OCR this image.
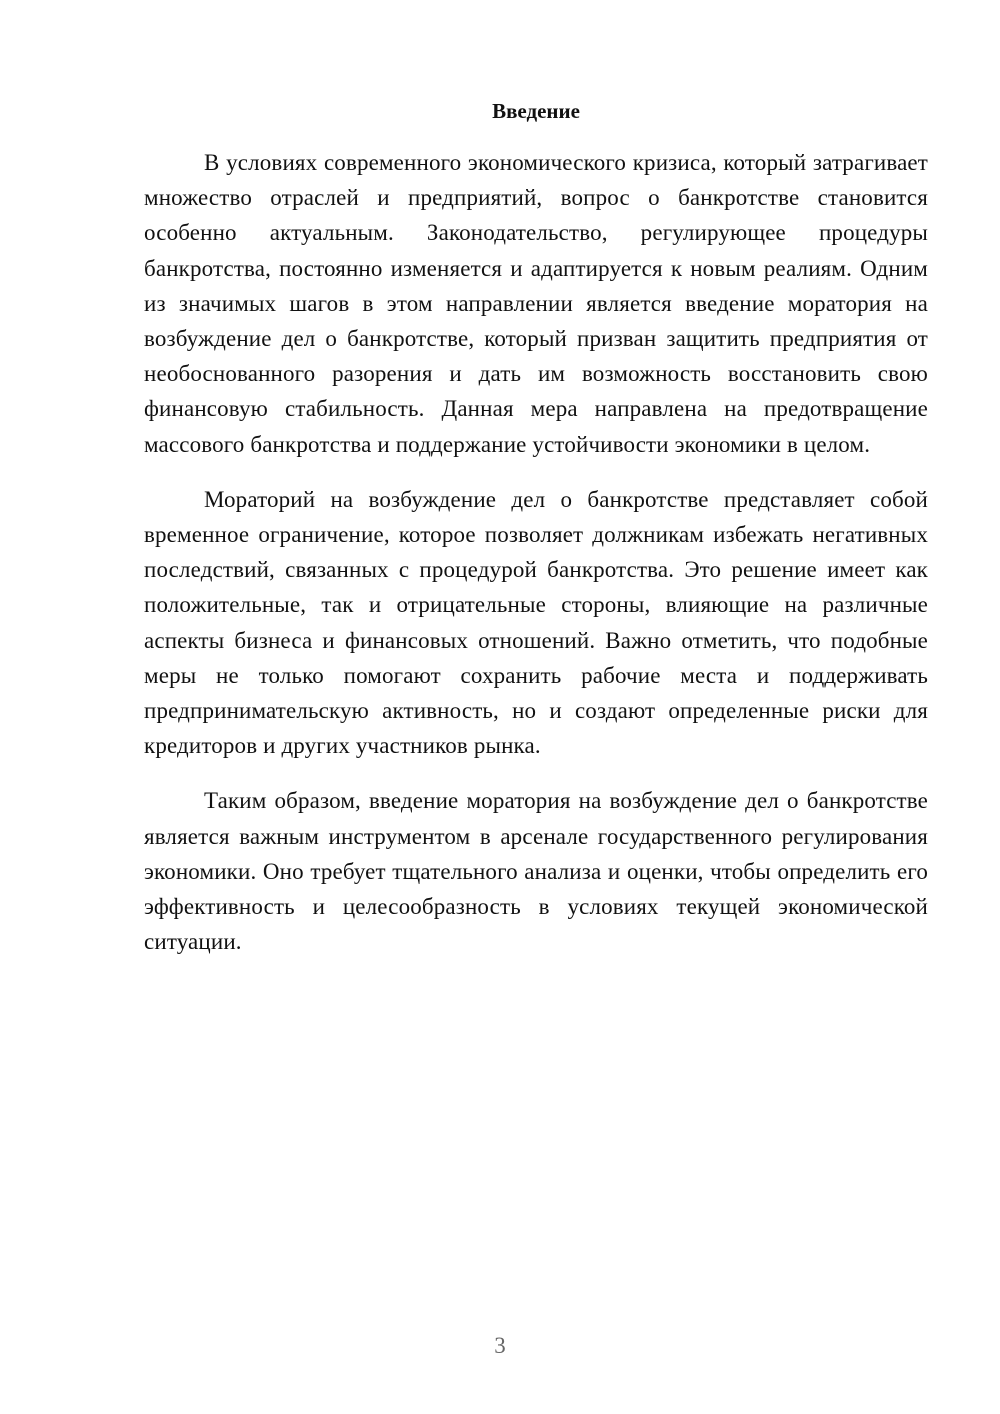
Введение

В условиях современного экономического кризиса, который затрагивает множество отраслей и предприятий, вопрос о банкротстве становится особенно актуальным. Законодательство, регулирующее процедуры банкротства, постоянно изменяется и адаптируется к новым реалиям. Одним из значимых шагов в этом направлении является введение моратория на возбуждение дел о банкротстве, который призван защитить предприятия от необоснованного разорения и дать им возможность восстановить свою финансовую стабильность. Данная мера направлена на предотвращение массового банкротства и поддержание устойчивости экономики в целом.

Мораторий на возбуждение дел о банкротстве представляет собой временное ограничение, которое позволяет должникам избежать негативных последствий, связанных с процедурой банкротства. Это решение имеет как положительные, так и отрицательные стороны, влияющие на различные аспекты бизнеса и финансовых отношений. Важно отметить, что подобные меры не только помогают сохранить рабочие места и поддерживать предпринимательскую активность, но и создают определенные риски для кредиторов и других участников рынка.

Таким образом, введение моратория на возбуждение дел о банкротстве является важным инструментом в арсенале государственного регулирования экономики. Оно требует тщательного анализа и оценки, чтобы определить его эффективность и целесообразность в условиях текущей экономической ситуации.

3
